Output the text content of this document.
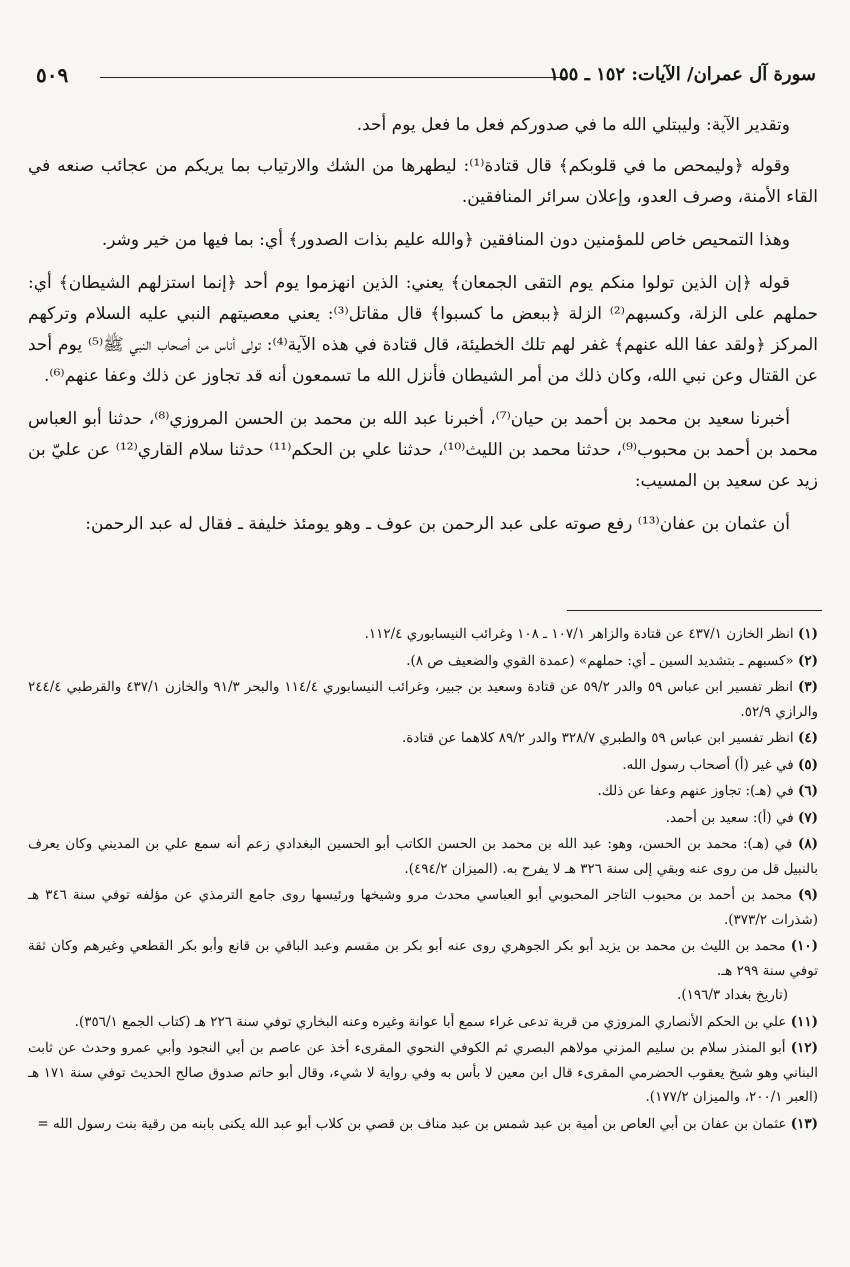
٥٠٩	سورة آل عمران/ الآيات: ١٥٢ ـ ١٥٥

وتقدير الآية: وليبتلي الله ما في صدوركم فعل ما فعل يوم أحد.

وقوله ﴿وليمحص ما في قلوبكم﴾ قال قتادة⁽¹⁾: ليطهرها من الشك والارتياب بما يريكم من عجائب صنعه في القاء الأمنة، وصرف العدو، وإعلان سرائر المنافقين.

وهذا التمحيص خاص للمؤمنين دون المنافقين ﴿والله عليم بذات الصدور﴾ أي: بما فيها من خير وشر.

قوله ﴿إن الذين تولوا منكم يوم التقى الجمعان﴾ يعني: الذين انهزموا يوم أحد ﴿إنما استزلهم الشيطان﴾ أي: حملهم على الزلة، وكسبهم⁽²⁾ الزلة ﴿ببعض ما كسبوا﴾ قال مقاتل⁽³⁾: يعني معصيتهم النبي عليه السلام وتركهم المركز ﴿ولقد عفا الله عنهم﴾ غفر لهم تلك الخطيئة، قال قتادة في هذه الآية⁽⁴⁾: تولى أناس من أصحاب النبي ﷺ⁽⁵⁾ يوم أحد عن القتال وعن نبي الله، وكان ذلك من أمر الشيطان فأنزل الله ما تسمعون أنه قد تجاوز عن ذلك وعفا عنهم⁽⁶⁾.

أخبرنا سعيد بن محمد بن أحمد بن حيان⁽⁷⁾، أخبرنا عبد الله بن محمد بن الحسن المروزي⁽⁸⁾، حدثنا أبو العباس محمد بن أحمد بن محبوب⁽⁹⁾، حدثنا محمد بن الليث⁽¹⁰⁾، حدثنا علي بن الحكم⁽¹¹⁾ حدثنا سلام القاري⁽¹²⁾ عن عليّ بن زيد عن سعيد بن المسيب:

أن عثمان بن عفان⁽¹³⁾ رفع صوته على عبد الرحمن بن عوف ـ وهو يومئذ خليفة ـ فقال له عبد الرحمن:

(١) انظر الخازن ٤٣٧/١ عن قتادة والزاهر ١٠٧/١ ـ ١٠٨ وغرائب النيسابوري ١١٢/٤.
(٢) «كسبهم ـ بتشديد السين ـ أي: حملهم» (عمدة القوي والضعيف ص ٨).
(٣) انظر تفسير ابن عباس ٥٩ والدر ٥٩/٢ عن قتادة وسعيد بن جبير، وغرائب النيسابوري ١١٤/٤ والبحر ٩١/٣ والخازن ٤٣٧/١ والقرطبي ٢٤٤/٤ والرازي ٥٢/٩.
(٤) انظر تفسير ابن عباس ٥٩ والطبري ٣٢٨/٧ والدر ٨٩/٢ كلاهما عن قتادة.
(٥) في غير (أ) أصحاب رسول الله.
(٦) في (هـ): تجاوز عنهم وعفا عن ذلك.
(٧) في (أ): سعيد بن أحمد.
(٨) في (هـ): محمد بن الحسن، وهو: عبد الله بن محمد بن الحسن الكاتب أبو الحسين البغدادي زعم أنه سمع علي بن المديني وكان يعرف بالنبيل قل من روى عنه وبقي إلى سنة ٣٢٦ هـ لا يفرح به. (الميزان ٤٩٤/٢).
(٩) محمد بن أحمد بن محبوب التاجر المحبوبي أبو العباسي محدث مرو وشيخها ورئيسها روى جامع الترمذي عن مؤلفه توفي سنة ٣٤٦ هـ (شذرات ٣٧٣/٢).
(١٠) محمد بن الليث بن محمد بن يزيد أبو بكر الجوهري روى عنه أبو بكر بن مقسم وعبد الباقي بن قانع وأبو بكر القطعي وغيرهم وكان ثقة توفي سنة ٢٩٩ هـ.
(تاريخ بغداد ١٩٦/٣).
(١١) علي بن الحكم الأنصاري المروزي من قرية تدعى غراء سمع أبا عوانة وغيره وعنه البخاري توفي سنة ٢٢٦ هـ (كتاب الجمع ٣٥٦/١).
(١٢) أبو المنذر سلام بن سليم المزني مولاهم البصري ثم الكوفي النحوي المقرىء أخذ عن عاصم بن أبي النجود وأبي عمرو وحدث عن ثابت البناني وهو شيخ يعقوب الحضرمي المقرىء قال ابن معين لا بأس به وفي رواية لا شيء، وقال أبو حاتم صدوق صالح الحديث توفي سنة ١٧١ هـ (العبر ٢٠٠/١، والميزان ١٧٧/٢).
(١٣) عثمان بن عفان بن أبي العاص بن أمية بن عبد شمس بن عبد مناف بن قصي بن كلاب أبو عبد الله يكنى بابنه من رقية بنت رسول الله =
